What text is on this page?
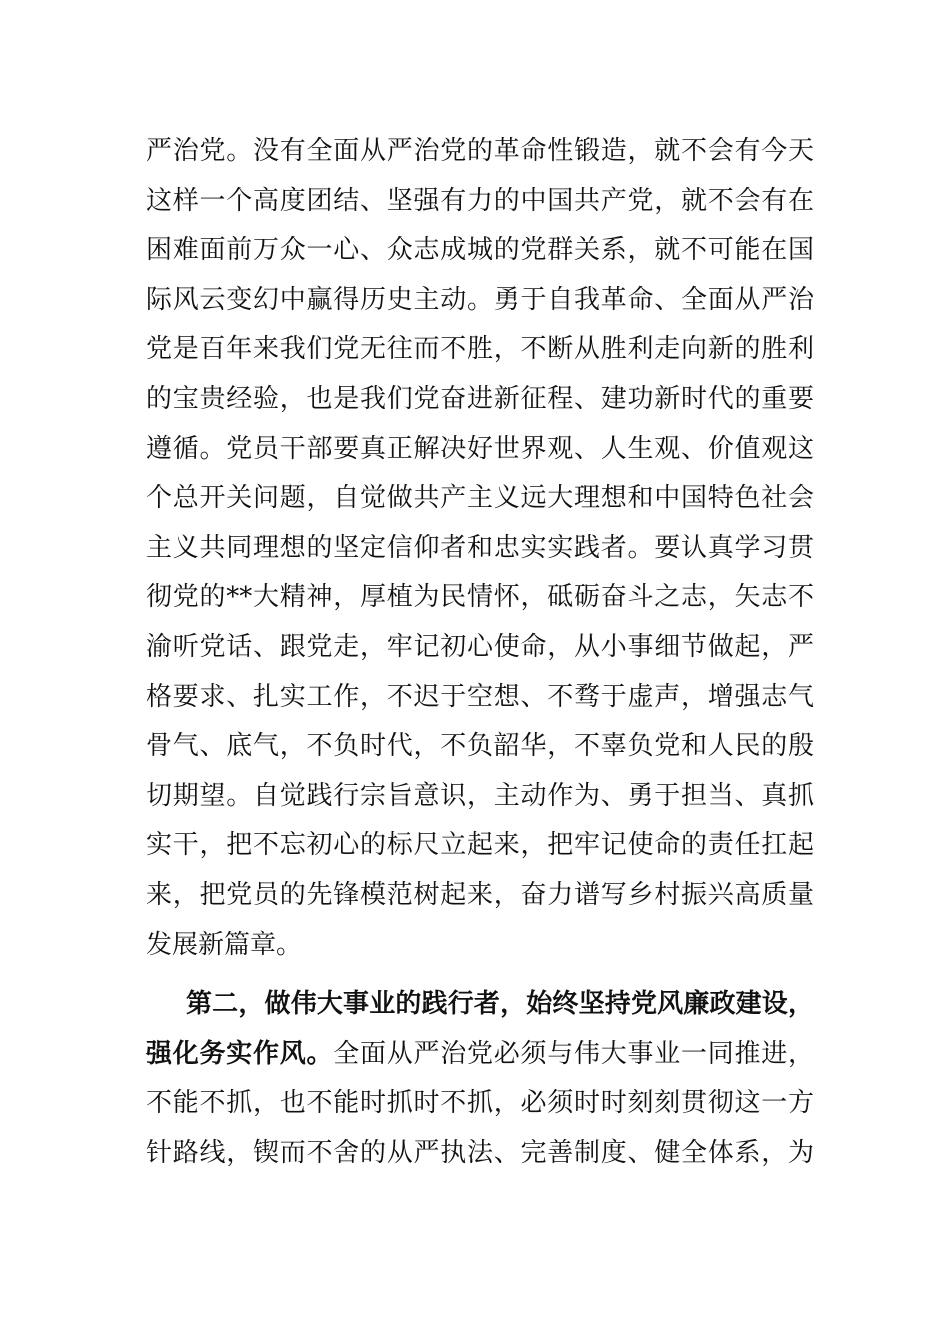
严治党。没有全面从严治党的革命性锻造，就不会有今天
这样一个高度团结、坚强有力的中国共产党，就不会有在
困难面前万众一心、众志成城的党群关系，就不可能在国
际风云变幻中赢得历史主动。勇于自我革命、全面从严治
党是百年来我们党无往而不胜，不断从胜利走向新的胜利
的宝贵经验，也是我们党奋进新征程、建功新时代的重要
遵循。党员干部要真正解决好世界观、人生观、价值观这
个总开关问题，自觉做共产主义远大理想和中国特色社会
主义共同理想的坚定信仰者和忠实实践者。要认真学习贯
彻党的**大精神，厚植为民情怀，砥砺奋斗之志，矢志不
渝听党话、跟党走，牢记初心使命，从小事细节做起，严
格要求、扎实工作，不迟于空想、不骛于虚声，增强志气
骨气、底气，不负时代，不负韶华，不辜负党和人民的殷
切期望。自觉践行宗旨意识，主动作为、勇于担当、真抓
实干，把不忘初心的标尺立起来，把牢记使命的责任扛起
来，把党员的先锋模范树起来，奋力谱写乡村振兴高质量
发展新篇章。
第二，做伟大事业的践行者，始终坚持党风廉政建设，
强化务实作风。全面从严治党必须与伟大事业一同推进，
不能不抓，也不能时抓时不抓，必须时时刻刻贯彻这一方
针路线，锲而不舍的从严执法、完善制度、健全体系，为
